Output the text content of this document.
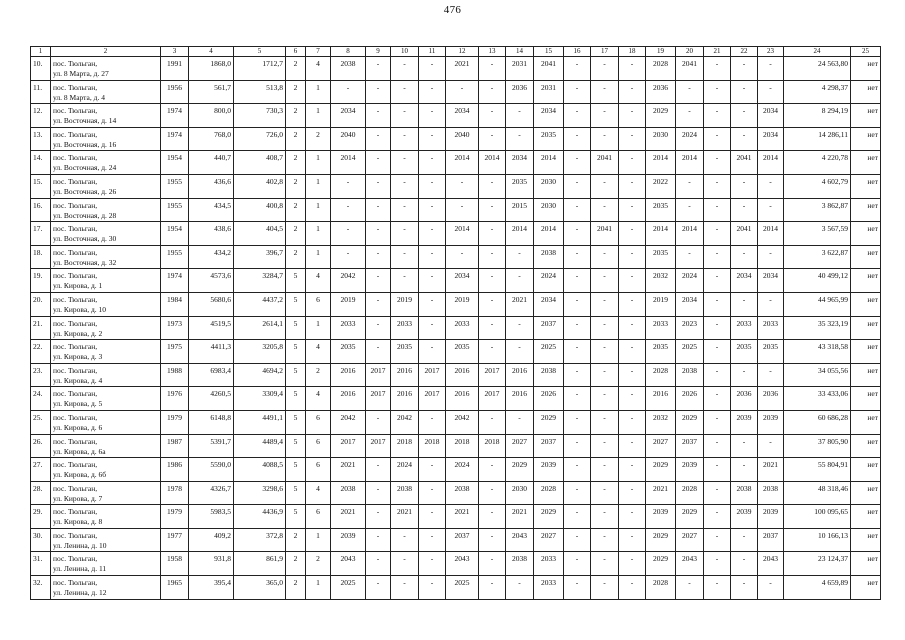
476
1	2	3	4	5	6	7	8	9	10	11	12	13	14	15	16	17	18	19	20	21	22	23	24	25
10.	пос. Тюльган,
ул. 8 Марта, д. 27	1991	1868,0	1712,7	2	4	2038	-	-	-	2021	-	2031	2041	-	-	-	2028	2041	-	-	-	24 563,80	нет
11.	пос. Тюльган,
ул. 8 Марта, д. 4	1956	561,7	513,8	2	1	-	-	-	-	-	-	2036	2031	-	-	-	2036	-	-	-	-	4 298,37	нет
12.	пос. Тюльган,
ул. Восточная, д. 14	1974	800,0	730,3	2	1	2034	-	-	-	2034	-	-	2034	-	-	-	2029	-	-	-	2034	8 294,19	нет
13.	пос. Тюльган,
ул. Восточная, д. 16	1974	768,0	726,0	2	2	2040	-	-	-	2040	-	-	2035	-	-	-	2030	2024	-	-	2034	14 286,11	нет
14.	пос. Тюльган,
ул. Восточная, д. 24	1954	440,7	408,7	2	1	2014	-	-	-	2014	2014	2034	2014	-	2041	-	2014	2014	-	2041	2014	4 220,78	нет
15.	пос. Тюльган,
ул. Восточная, д. 26	1955	436,6	402,8	2	1	-	-	-	-	-	-	2035	2030	-	-	-	2022	-	-	-	-	4 602,79	нет
16.	пос. Тюльган,
ул. Восточная, д. 28	1955	434,5	400,8	2	1	-	-	-	-	-	-	2015	2030	-	-	-	2035	-	-	-	-	3 862,87	нет
17.	пос. Тюльган,
ул. Восточная, д. 30	1954	438,6	404,5	2	1	-	-	-	-	2014	-	2014	2014	-	2041	-	2014	2014	-	2041	2014	3 567,59	нет
18.	пос. Тюльган,
ул. Восточная, д. 32	1955	434,2	396,7	2	1	-	-	-	-	-	-	-	2038	-	-	-	2035	-	-	-	-	3 622,87	нет
19.	пос. Тюльган,
ул. Кирова, д. 1	1974	4573,6	3284,7	5	4	2042	-	-	-	2034	-	-	2024	-	-	-	2032	2024	-	2034	2034	40 499,12	нет
20.	пос. Тюльган,
ул. Кирова, д. 10	1984	5680,6	4437,2	5	6	2019	-	2019	-	2019	-	2021	2034	-	-	-	2019	2034	-	-	-	44 965,99	нет
21.	пос. Тюльган,
ул. Кирова, д. 2	1973	4519,5	2614,1	5	1	2033	-	2033	-	2033	-	-	2037	-	-	-	2033	2023	-	2033	2033	35 323,19	нет
22.	пос. Тюльган,
ул. Кирова, д. 3	1975	4411,3	3205,8	5	4	2035	-	2035	-	2035	-	-	2025	-	-	-	2035	2025	-	2035	2035	43 318,58	нет
23.	пос. Тюльган,
ул. Кирова, д. 4	1988	6983,4	4694,2	5	2	2016	2017	2016	2017	2016	2017	2016	2038	-	-	-	2028	2038	-	-	-	34 055,56	нет
24.	пос. Тюльган,
ул. Кирова, д. 5	1976	4260,5	3309,4	5	4	2016	2017	2016	2017	2016	2017	2016	2026	-	-	-	2016	2026	-	2036	2036	33 433,06	нет
25.	пос. Тюльган,
ул. Кирова, д. 6	1979	6148,8	4491,1	5	6	2042	-	2042	-	2042	-	-	2029	-	-	-	2032	2029	-	2039	2039	60 686,28	нет
26.	пос. Тюльган,
ул. Кирова, д. 6а	1987	5391,7	4489,4	5	6	2017	2017	2018	2018	2018	2018	2027	2037	-	-	-	2027	2037	-	-	-	37 805,90	нет
27.	пос. Тюльган,
ул. Кирова, д. 6б	1986	5590,0	4088,5	5	6	2021	-	2024	-	2024	-	2029	2039	-	-	-	2029	2039	-	-	2021	55 804,91	нет
28.	пос. Тюльган,
ул. Кирова, д. 7	1978	4326,7	3298,6	5	4	2038	-	2038	-	2038	-	2030	2028	-	-	-	2021	2028	-	2038	2038	48 318,46	нет
29.	пос. Тюльган,
ул. Кирова, д. 8	1979	5983,5	4436,9	5	6	2021	-	2021	-	2021	-	2021	2029	-	-	-	2039	2029	-	2039	2039	100 095,65	нет
30.	пос. Тюльган,
ул. Ленина, д. 10	1977	409,2	372,8	2	1	2039	-	-	-	2037	-	2043	2027	-	-	-	2029	2027	-	-	2037	10 166,13	нет
31.	пос. Тюльган,
ул. Ленина, д. 11	1958	931,8	861,9	2	2	2043	-	-	-	2043	-	2038	2033	-	-	-	2029	2043	-	-	2043	23 124,37	нет
32.	пос. Тюльган,
ул. Ленина, д. 12	1965	395,4	365,0	2	1	2025	-	-	-	2025	-	-	2033	-	-	-	2028	-	-	-	-	4 659,89	нет
